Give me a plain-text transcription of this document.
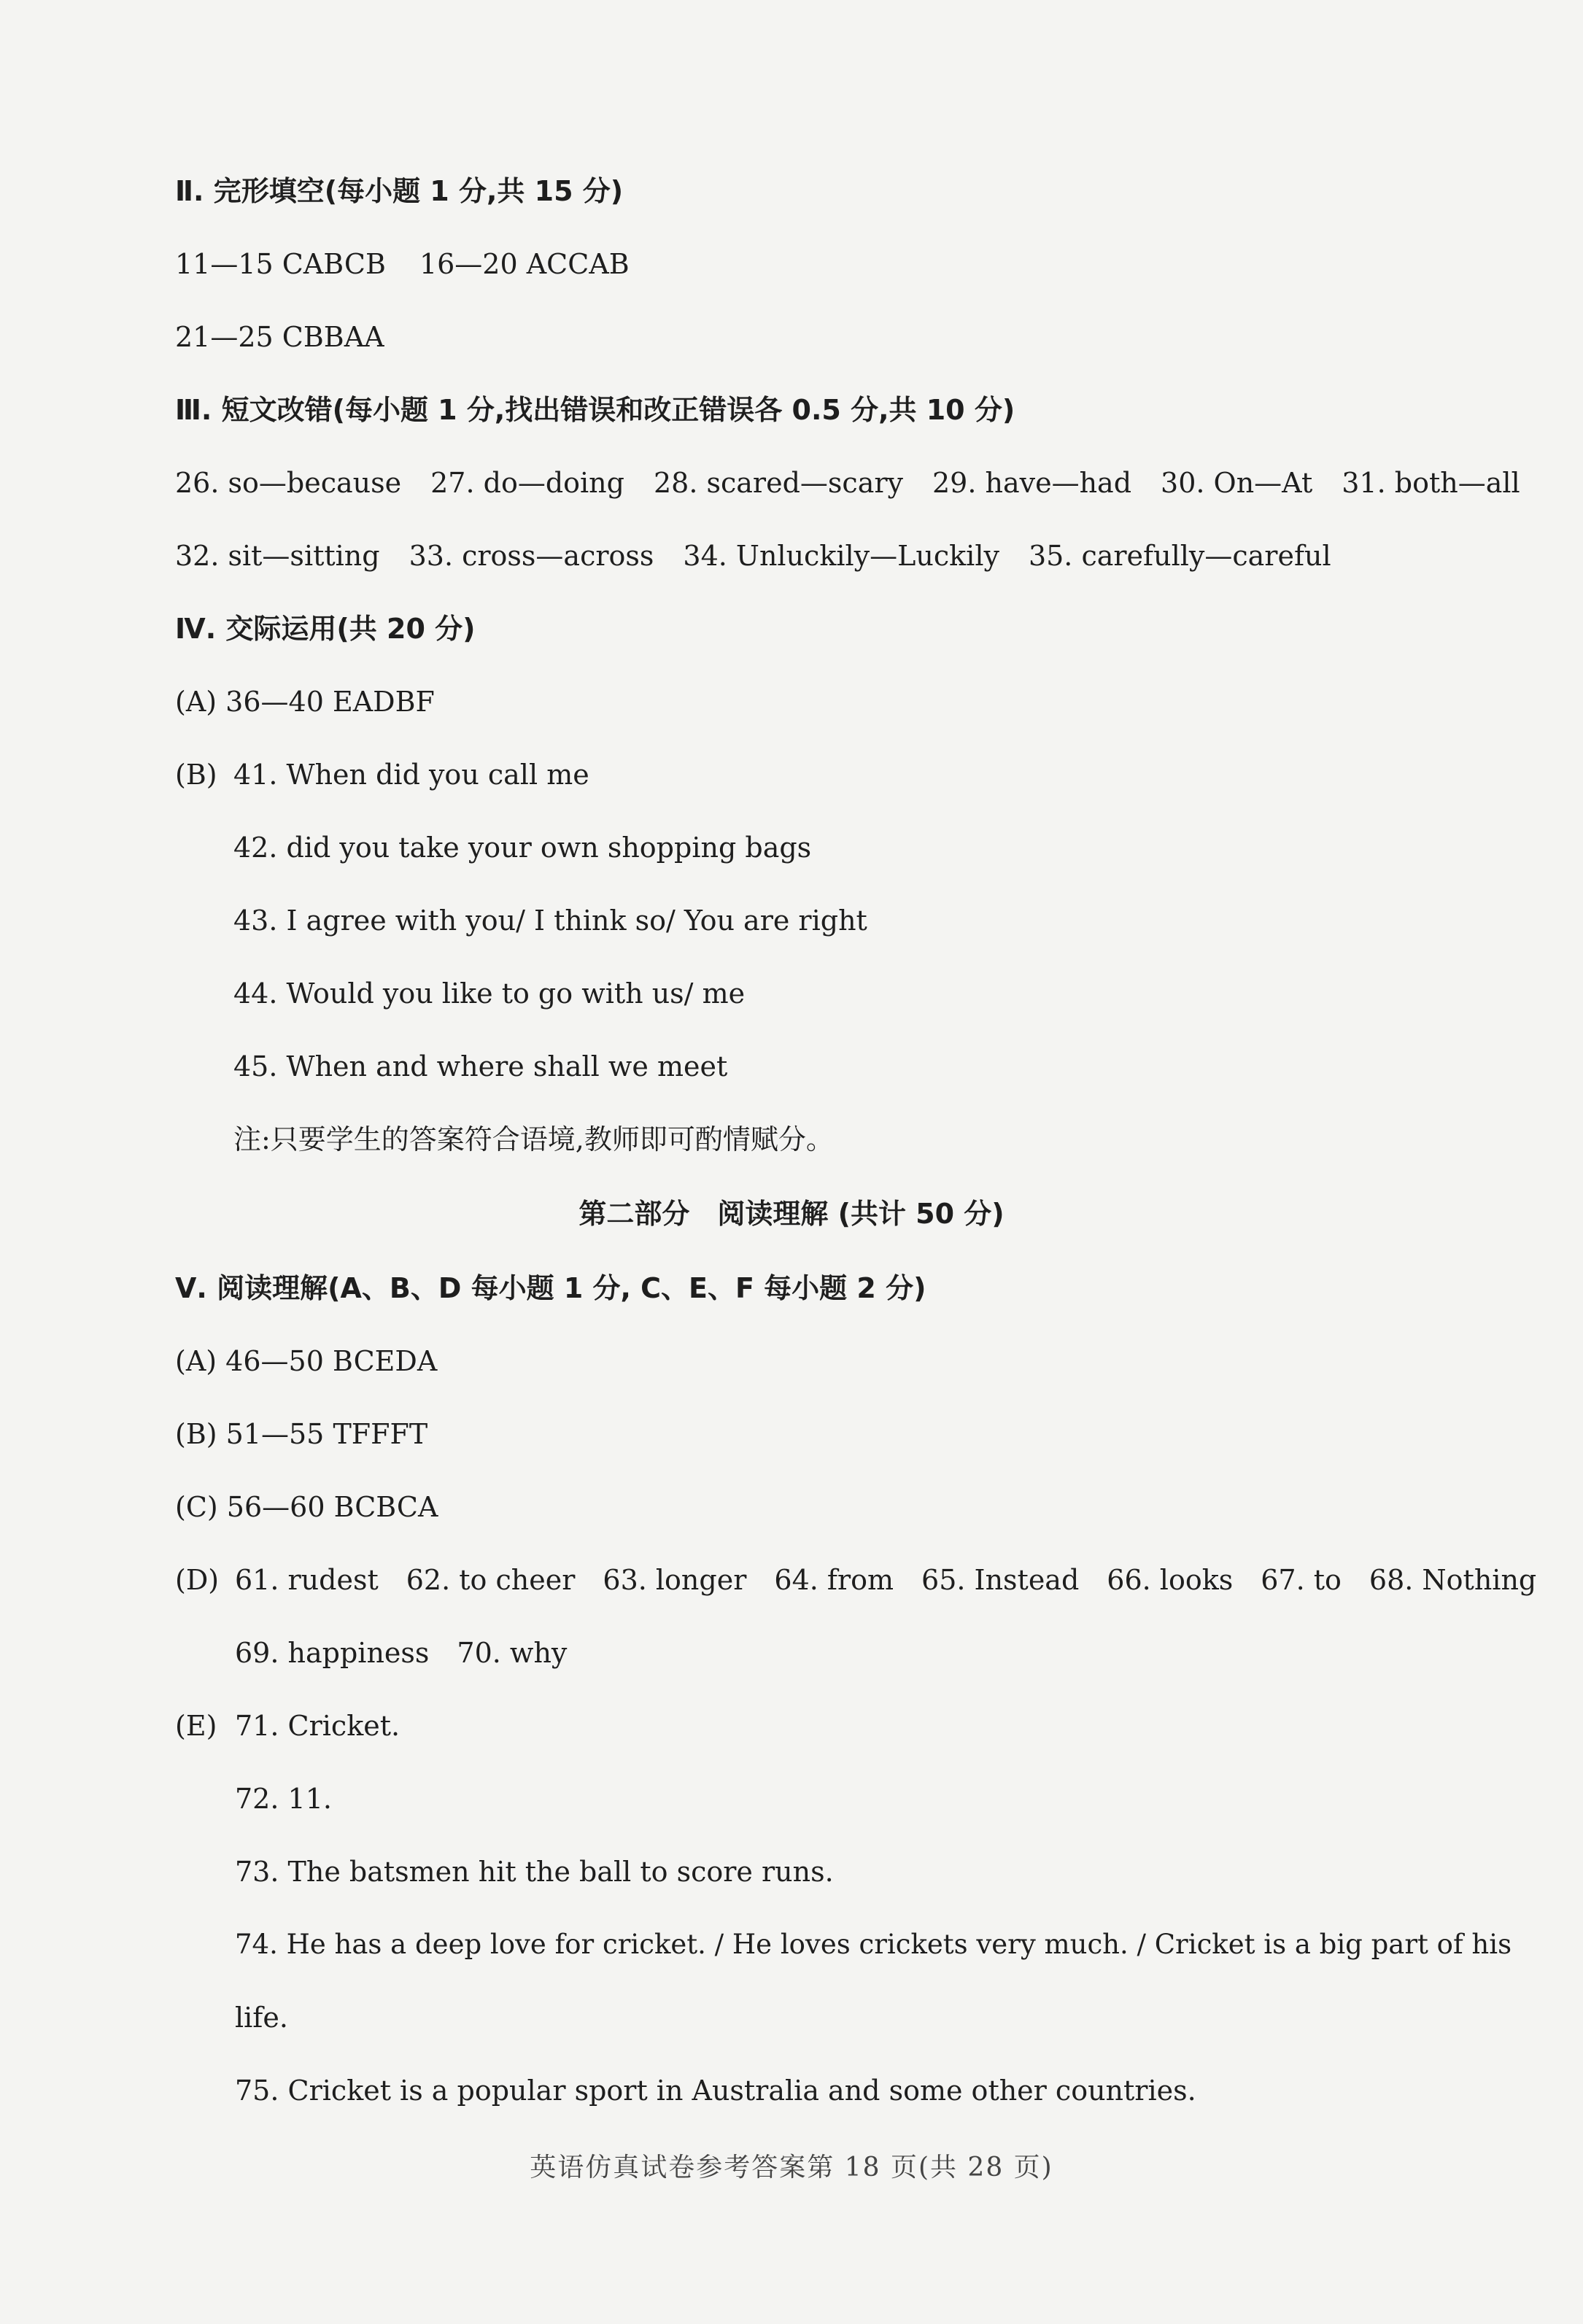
Ⅱ. 完形填空(每小题 1 分,共 15 分)
11—15 CABCB 16—20 ACCAB
21—25 CBBAA
Ⅲ. 短文改错(每小题 1 分,找出错误和改正错误各 0.5 分,共 10 分)
26. so—because 27. do—doing 28. scared—scary 29. have—had 30. On—At 31. both—all
32. sit—sitting 33. cross—across 34. Unluckily—Luckily 35. carefully—careful
Ⅳ. 交际运用(共 20 分)
(A) 36—40 EADBF
(B) 41. When did you call me
42. did you take your own shopping bags
43. I agree with you/ I think so/ You are right
44. Would you like to go with us/ me
45. When and where shall we meet
注:只要学生的答案符合语境,教师即可酌情赋分。
第二部分　阅读理解 (共计 50 分)
Ⅴ. 阅读理解(A、B、D 每小题 1 分, C、E、F 每小题 2 分)
(A) 46—50 BCEDA
(B) 51—55 TFFFT
(C) 56—60 BCBCA
(D) 61. rudest 62. to cheer 63. longer 64. from 65. Instead 66. looks 67. to 68. Nothing
69. happiness 70. why
(E) 71. Cricket.
72. 11.
73. The batsmen hit the ball to score runs.
74. He has a deep love for cricket. / He loves crickets very much. / Cricket is a big part of his
life.
75. Cricket is a popular sport in Australia and some other countries.
英语仿真试卷参考答案第 18 页(共 28 页)
